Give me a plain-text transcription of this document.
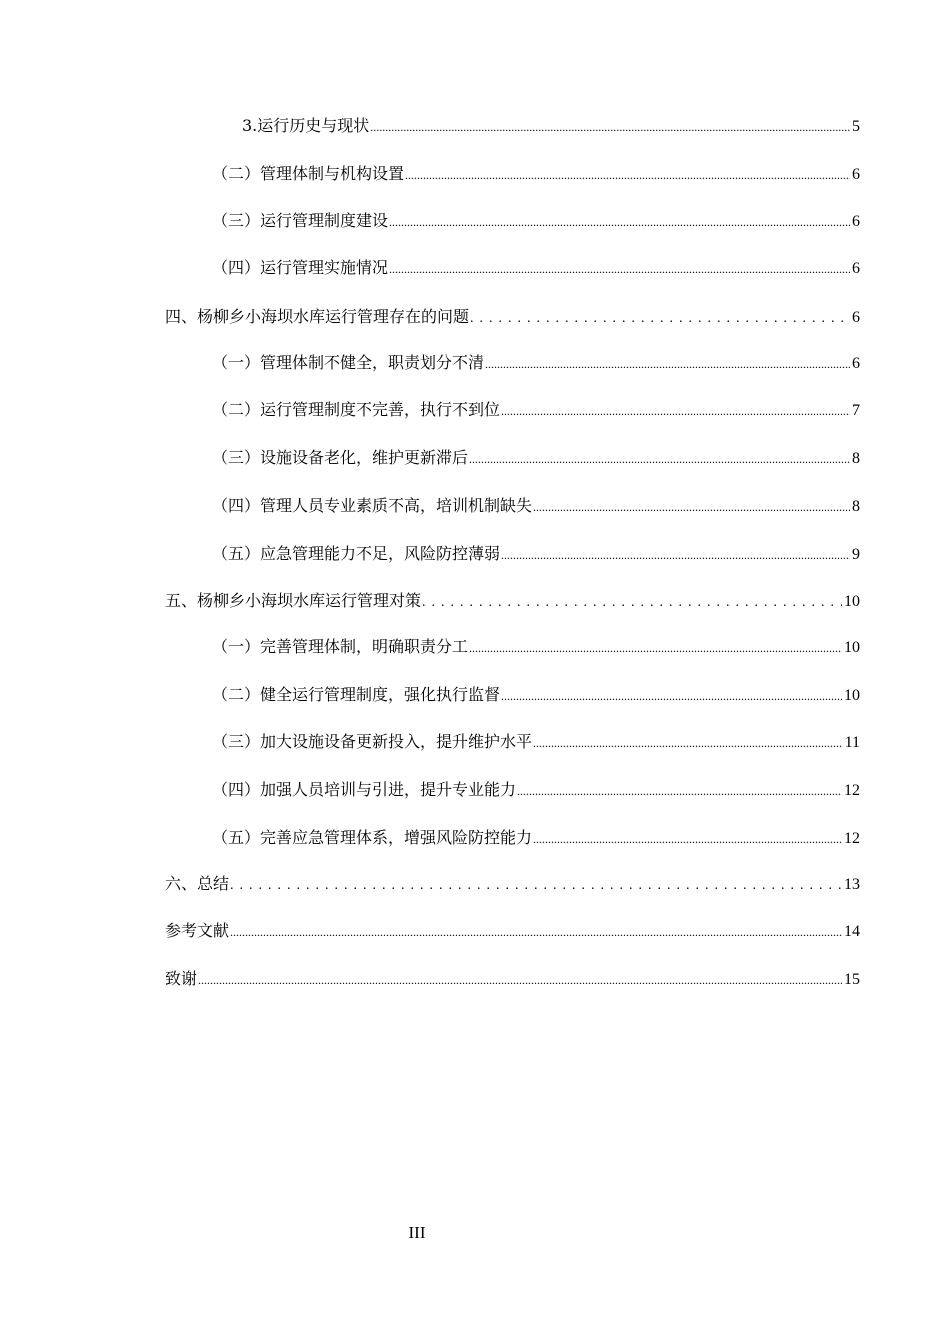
3.运行历史与现状 .....	5
（二）管理体制与机构设置 .....	6
（三）运行管理制度建设 .....	6
（四）运行管理实施情况 .....	6
四、杨柳乡小海坝水库运行管理存在的问题 .....	6
（一）管理体制不健全，职责划分不清 .....	6
（二）运行管理制度不完善，执行不到位 .....	7
（三）设施设备老化，维护更新滞后 .....	8
（四）管理人员专业素质不高，培训机制缺失 .....	8
（五）应急管理能力不足，风险防控薄弱 .....	9
五、杨柳乡小海坝水库运行管理对策 .....	10
（一）完善管理体制，明确职责分工 .....	10
（二）健全运行管理制度，强化执行监督 .....	10
（三）加大设施设备更新投入，提升维护水平 .....	11
（四）加强人员培训与引进，提升专业能力 .....	12
（五）完善应急管理体系，增强风险防控能力 .....	12
六、总结 .....	13
参考文献 .....	14
致谢 .....	15
III
